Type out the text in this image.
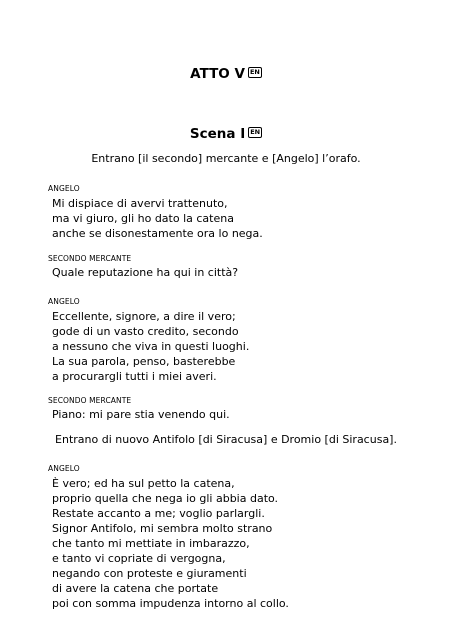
ATTO V EN
Scena I EN
Entrano [il secondo] mercante e [Angelo] l’orafo.
ANGELO
Mi dispiace di avervi trattenuto,
ma vi giuro, gli ho dato la catena
anche se disonestamente ora lo nega.
SECONDO MERCANTE
Quale reputazione ha qui in città?
ANGELO
Eccellente, signore, a dire il vero;
gode di un vasto credito, secondo
a nessuno che viva in questi luoghi.
La sua parola, penso, basterebbe
a procurargli tutti i miei averi.
SECONDO MERCANTE
Piano: mi pare stia venendo qui.
Entrano di nuovo Antifolo [di Siracusa] e Dromio [di Siracusa].
ANGELO
È vero; ed ha sul petto la catena,
proprio quella che nega io gli abbia dato.
Restate accanto a me; voglio parlargli.
Signor Antifolo, mi sembra molto strano
che tanto mi mettiate in imbarazzo,
e tanto vi copriate di vergogna,
negando con proteste e giuramenti
di avere la catena che portate
poi con somma impudenza intorno al collo.
